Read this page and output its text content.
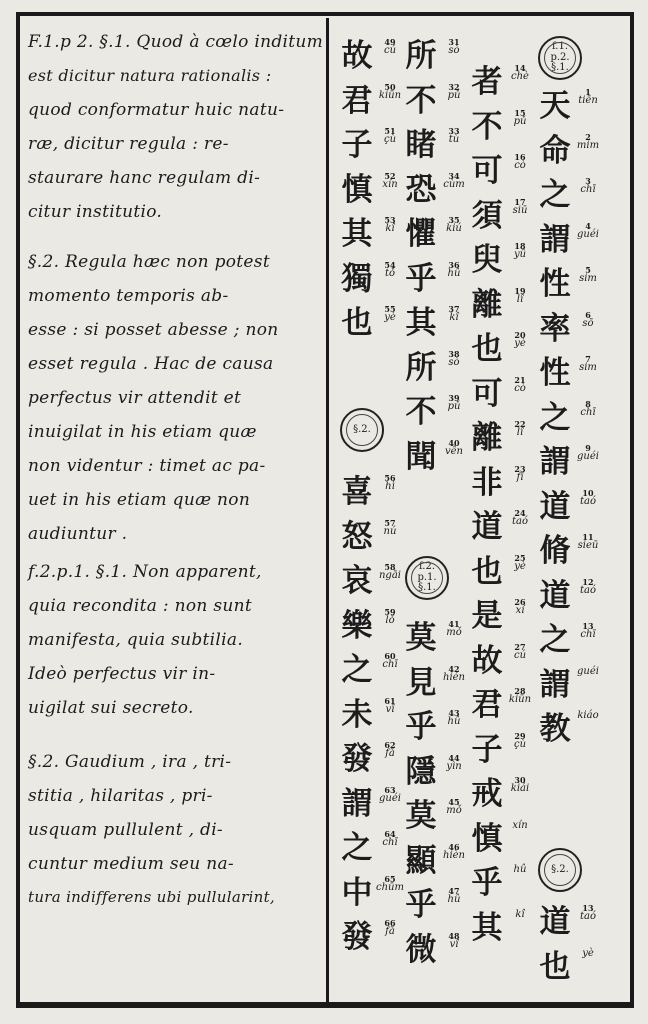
F.1.p 2. §.1. Quod à cœlo inditum
est dicitur natura rationalis :
quod conformatur huic natu-
ræ, dicitur regula : re-
staurare hanc regulam di-
citur institutio.
§.2. Regula hæc non potest
momento temporis ab-
esse : si posset abesse ; non
esset regula . Hac de causa
perfectus vir attendit et
inuigilat in his etiam quæ
non videntur : timet ac pa-
uet in his etiam quæ non
audiuntur .
f.2.p.1. §.1. Non apparent,
quia recondita : non sunt
manifesta, quia subtilia.
Ideò perfectus vir in-
uigilat sui secreto.
§.2. Gaudium , ira , tri-
stitia , hilaritas , pri-
usquam pullulent , di-
cuntur medium seu na-
tura indifferens ubi pullularint,
天
命
之
謂
性
率
性
之
謂
道
脩
道
之
謂
教
1
tiēn
2
mim
3
chī
4
guéi
5
sim
6
sō
7
sim
8
chī
9
guéi
10
taó
11
sieū
12
taó
13
chī
guéi
kiáo
道
也
13
taó
yè
者
不
可
須
臾
離
也
可
離
非
道
也
是
故
君
子
戒
慎
乎
其
14
chè
15
pǔ
16
cò
17
siū
18
yû
19
lî
20
yè
21
cò
22
lî
23
fī
24
taó
25
yè
26
xí
27
cú
28
kiūn
29
çù
30
kiái
xín
hû
kî
所
不
睹
恐
懼
乎
其
所
不
聞
31
sò
32
pǔ
33
tù
34
cùm
35
kiú
36
hû
37
kî
38
sò
39
pǔ
40
vên
莫
見
乎
隱
莫
顯
乎
微
41
mǒ
42
hién
43
hû
44
yìn
45
mǒ
46
hièn
47
hû
48
vî
故
君
子
慎
其
獨
也
49
cú
50
kiūn
51
çù
52
xín
53
kî
54
tǒ
55
yè
喜
怒
哀
樂
之
未
發
謂
之
中
發
56
hì
57
nú
58
ngāi
59
lǒ
60
chī
61
vī
62
fǎ
63
guéi
64
chī
65
chūm
66
fǎ
f.1.
p.2.
§.1.
f.2.
p.1.
§.1.
§.2.
§.2.
